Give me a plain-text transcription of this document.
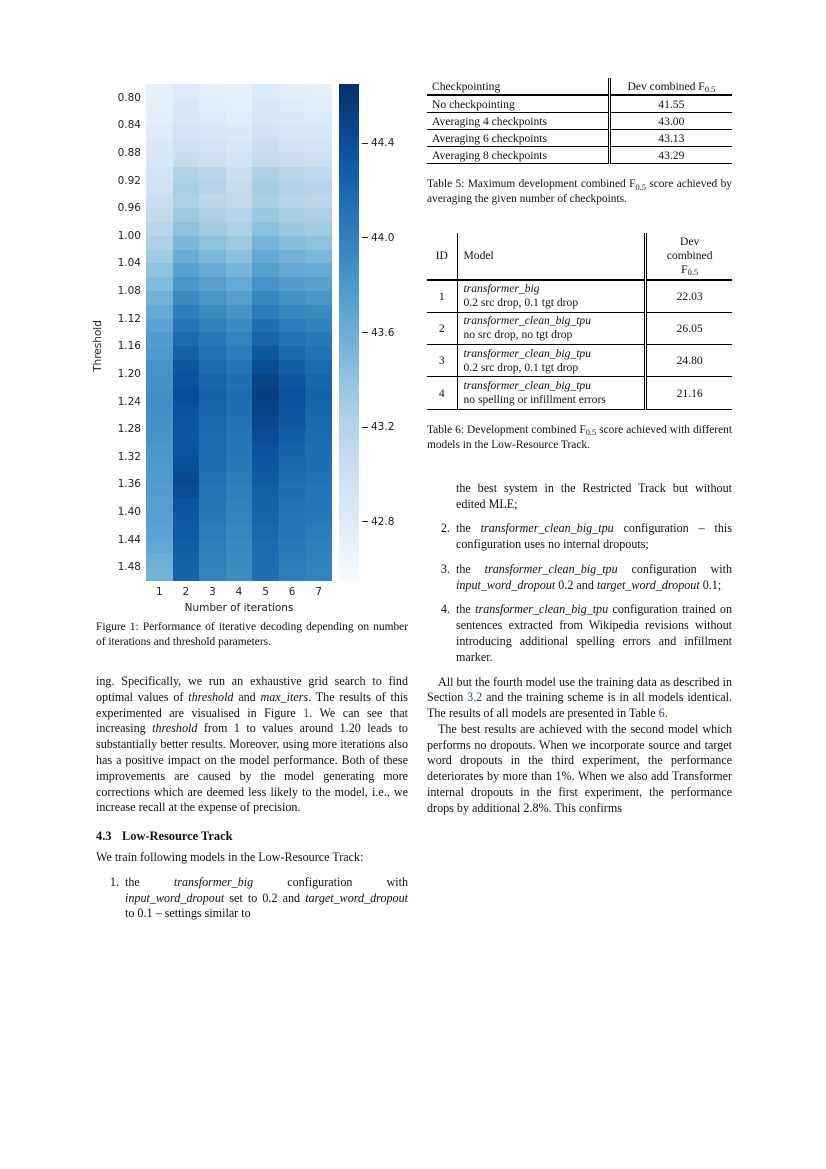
Threshold
0.80
0.84
0.88
0.92
0.96
1.00
1.04
1.08
1.12
1.16
1.20
1.24
1.28
1.32
1.36
1.40
1.44
1.48
1 2 3 4 5 6 7
Number of iterations
44.4
44.0
43.6
43.2
42.8
Figure 1: Performance of iterative decoding depending on number of iterations and threshold parameters.

ing. Specifically, we run an exhaustive grid search to find optimal values of threshold and max_iters. The results of this experimented are visualised in Figure 1. We can see that increasing threshold from 1 to values around 1.20 leads to substantially better results. Moreover, using more iterations also has a positive impact on the model performance. Both of these improvements are caused by the model generating more corrections which are deemed less likely to the model, i.e., we increase recall at the expense of precision.

4.3 Low-Resource Track

We train following models in the Low-Resource Track:

1. the transformer_big configuration with input_word_dropout set to 0.2 and target_word_dropout to 0.1 – settings similar to
Checkpointing	Dev combined $F_{0.5}$
No checkpointing	41.55
Averaging 4 checkpoints	43.00
Averaging 6 checkpoints	43.13
Averaging 8 checkpoints	43.29
Table 5: Maximum development combined $F_{0.5}$ score achieved by averaging the given number of checkpoints.
ID	Model	Dev
combined
$F_{0.5}$

1	transformer_big
0.2 src drop, 0.1 tgt drop	22.03
2	transformer_clean_big_tpu
no src drop, no tgt drop	26.05
3	transformer_clean_big_tpu
0.2 src drop, 0.1 tgt drop	24.80
4	transformer_clean_big_tpu
no spelling or infillment errors	21.16
Table 6: Development combined $F_{0.5}$ score achieved with different models in the Low-Resource Track.
the best system in the Restricted Track but without edited MLE;
2. the transformer_clean_big_tpu configuration – this configuration uses no internal dropouts;
3. the transformer_clean_big_tpu configuration with input_word_dropout 0.2 and target_word_dropout 0.1;
4. the transformer_clean_big_tpu configuration trained on sentences extracted from Wikipedia revisions without introducing additional spelling errors and infillment marker.

All but the fourth model use the training data as described in Section 3.2 and the training scheme is in all models identical. The results of all models are presented in Table 6.

The best results are achieved with the second model which performs no dropouts. When we incorporate source and target word dropouts in the third experiment, the performance deteriorates by more than 1%. When we also add Transformer internal dropouts in the first experiment, the performance drops by additional 2.8%. This confirms
